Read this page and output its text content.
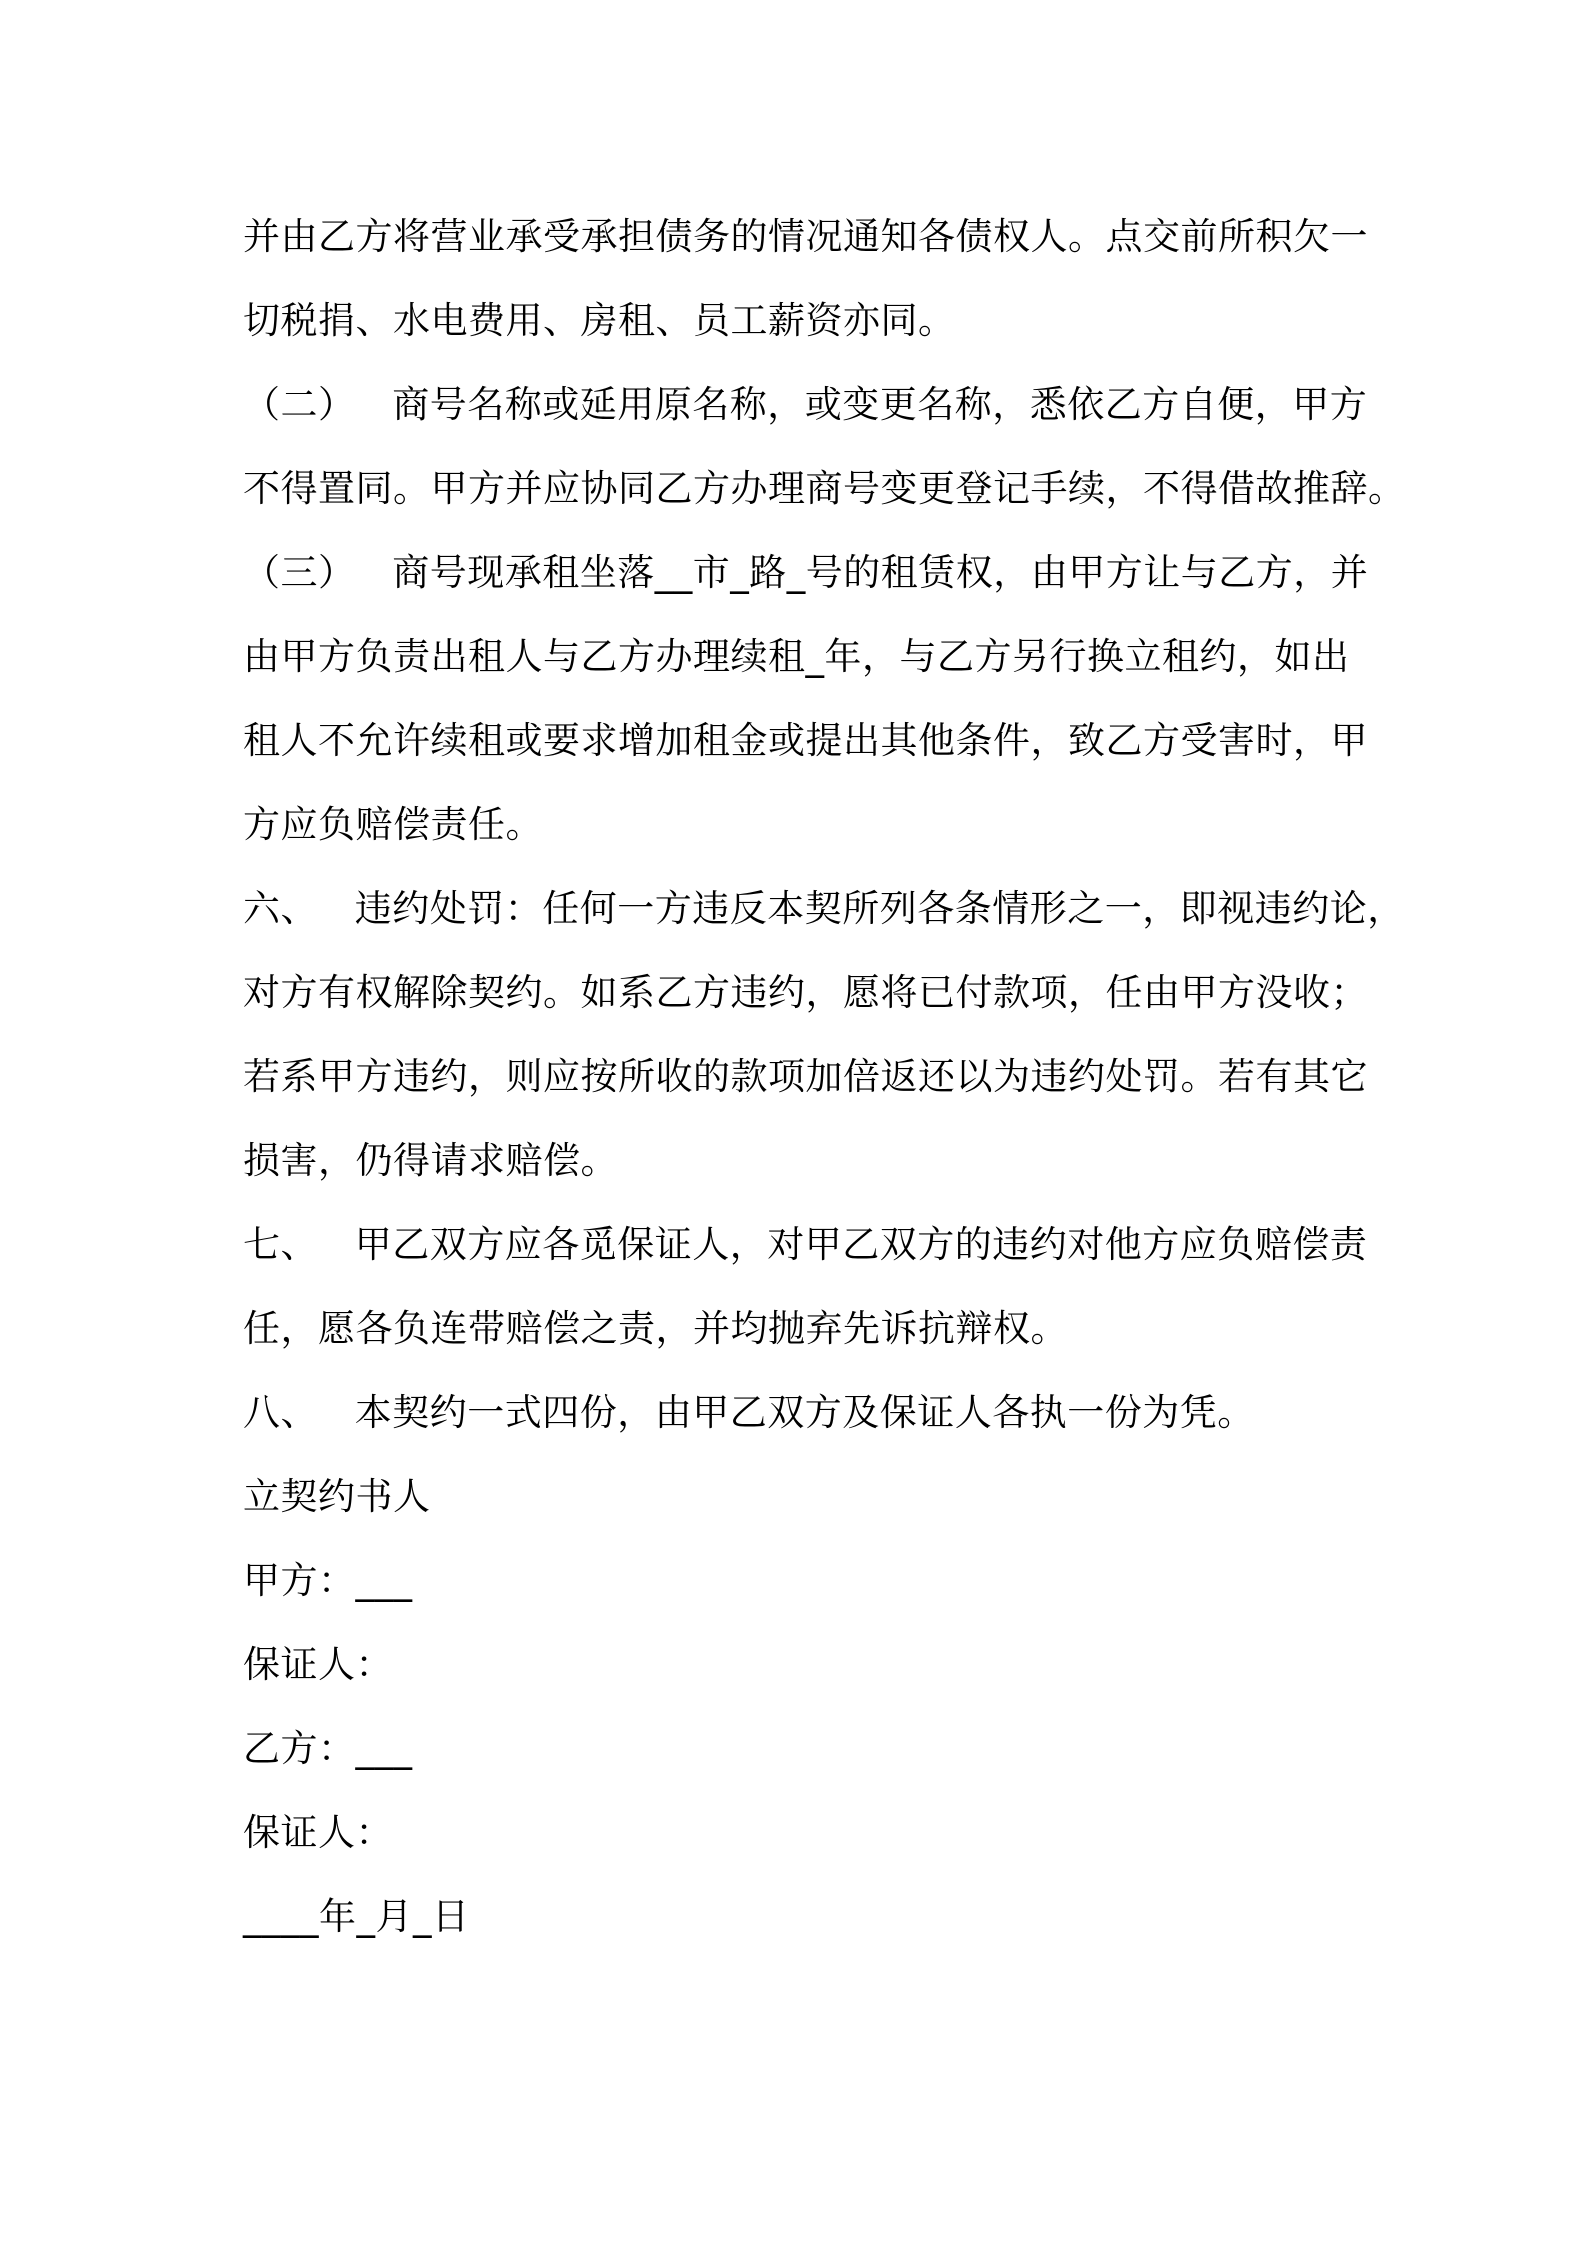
并由乙方将营业承受承担债务的情况通知各债权人。点交前所积欠一
切税捐、水电费用、房租、员工薪资亦同。
（二）   商号名称或延用原名称，或变更名称，悉依乙方自便，甲方
不得置同。甲方并应协同乙方办理商号变更登记手续，不得借故推辞。
（三）   商号现承租坐落__市_路_号的租赁权，由甲方让与乙方，并
由甲方负责出租人与乙方办理续租_年，与乙方另行换立租约，如出
租人不允许续租或要求增加租金或提出其他条件，致乙方受害时，甲
方应负赔偿责任。
六、   违约处罚：任何一方违反本契所列各条情形之一，即视违约论，
对方有权解除契约。如系乙方违约，愿将已付款项，任由甲方没收；
若系甲方违约，则应按所收的款项加倍返还以为违约处罚。若有其它
损害，仍得请求赔偿。
七、   甲乙双方应各觅保证人，对甲乙双方的违约对他方应负赔偿责
任，愿各负连带赔偿之责，并均抛弃先诉抗辩权。
八、   本契约一式四份，由甲乙双方及保证人各执一份为凭。
立契约书人
甲方：___
保证人：
乙方：___
保证人：
____年_月_日
